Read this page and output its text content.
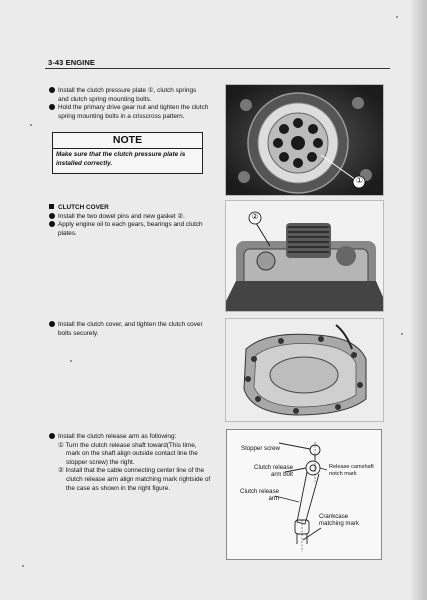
3-43 ENGINE
Install the clutch pressure plate ①, clutch springs
and clutch spring mounting bolts.
Hold the primary drive gear nut and tighten the clutch
spring mounting bolts in a crisscross pattern.
NOTE
Make sure that the clutch pressure plate is
installed correctly.
①
CLUTCH COVER
Install the two dowel pins and new gasket ②.
Apply engine oil to each gears, bearings and clutch
plates.
②
Install the clutch cover, and tighten the clutch cover
bolts securely.
Install the clutch release arm as following:
① Turn the clutch release shaft toward(This time,
mark on the shaft align outside contact line the
stopper screw) the right.
② Install that the cable connecting center line of the
clutch release arm align matching mark rightside of
the case as shown in the right figure.
Stopper screw
Clutch release
arm bolt
Release camshaft
notch mark
Clutch release
arm
Crankcase
matching mark
